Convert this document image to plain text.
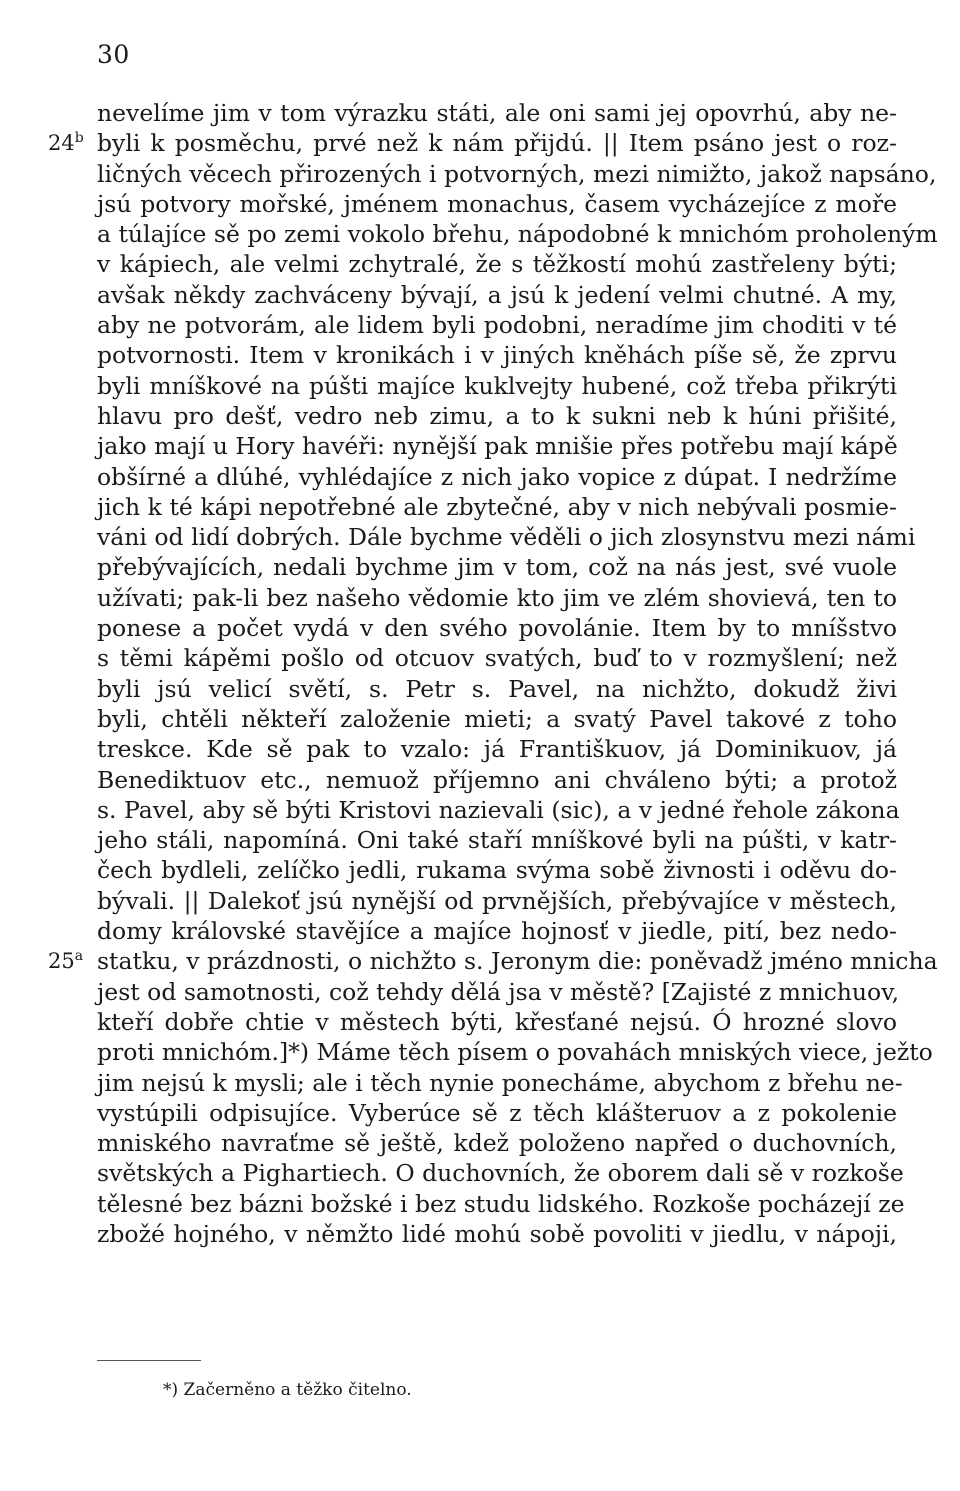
30
nevelíme jim v tom výrazku státi, ale oni sami jej opovrhú, aby ne-
byli k posměchu, prvé než k nám přijdú. || Item psáno jest o roz-
ličných věcech přirozených i potvorných, mezi nimižto, jakož napsáno,
jsú potvory mořské, jménem monachus, časem vycházejíce z moře
a túlajíce sě po zemi vokolo břehu, nápodobné k mnichóm proholeným
v kápiech, ale velmi zchytralé, že s těžkostí mohú zastřeleny býti;
avšak někdy zachváceny bývají, a jsú k jedení velmi chutné. A my,
aby ne potvorám, ale lidem byli podobni, neradíme jim choditi v té
potvornosti. Item v kronikách i v jiných kněhách píše sě, že zprvu
byli mníškové na púšti majíce kuklvejty hubené, což třeba přikrýti
hlavu pro dešť, vedro neb zimu, a to k sukni neb k húni přišité,
jako mají u Hory havéři: nynější pak mnišie přes potřebu mají kápě
obšírné a dlúhé, vyhlédajíce z nich jako vopice z dúpat. I nedržíme
jich k té kápi nepotřebné ale zbytečné, aby v nich nebývali posmie-
váni od lidí dobrých. Dále bychme věděli o jich zlosynstvu mezi námi
přebývajících, nedali bychme jim v tom, což na nás jest, své vuole
užívati; pak-li bez našeho vědomie kto jim ve zlém shovievá, ten to
ponese a počet vydá v den svého povolánie. Item by to mníšstvo
s těmi kápěmi pošlo od otcuov svatých, buď to v rozmyšlení; než
byli jsú velicí světí, s. Petr s. Pavel, na nichžto, dokudž živi
byli, chtěli někteří založenie mieti; a svatý Pavel takové z toho
treskce. Kde sě pak to vzalo: já Františkuov, já Dominikuov, já
Benediktuov etc., nemuož příjemno ani chváleno býti; a protož
s. Pavel, aby sě býti Kristovi nazievali (sic), a v jedné řehole zákona
jeho stáli, napomíná. Oni také staří mníškové byli na púšti, v katr-
čech bydleli, zelíčko jedli, rukama svýma sobě živnosti i oděvu do-
bývali. || Dalekoť jsú nynější od prvnějších, přebývajíce v městech,
domy královské stavějíce a majíce hojnosť v jiedle, pití, bez nedo-
statku, v prázdnosti, o nichžto s. Jeronym die: poněvadž jméno mnicha
jest od samotnosti, což tehdy dělá jsa v městě? [Zajisté z mnichuov,
kteří dobře chtie v městech býti, křesťané nejsú. Ó hrozné slovo
proti mnichóm.]*) Máme těch písem o povahách mniských viece, ježto
jim nejsú k mysli; ale i těch nynie ponecháme, abychom z břehu ne-
vystúpili odpisujíce. Vyberúce sě z těch klášteruov a z pokolenie
mniského navraťme sě ještě, kdež položeno napřed o duchovních,
světských a Pighartiech. O duchovních, že oborem dali sě v rozkoše
tělesné bez bázni božské i bez studu lidského. Rozkoše pocházejí ze
zbožé hojného, v němžto lidé mohú sobě povoliti v jiedlu, v nápoji,
*) Začerněno a těžko čitelno.
24$^b$
25$^a$
